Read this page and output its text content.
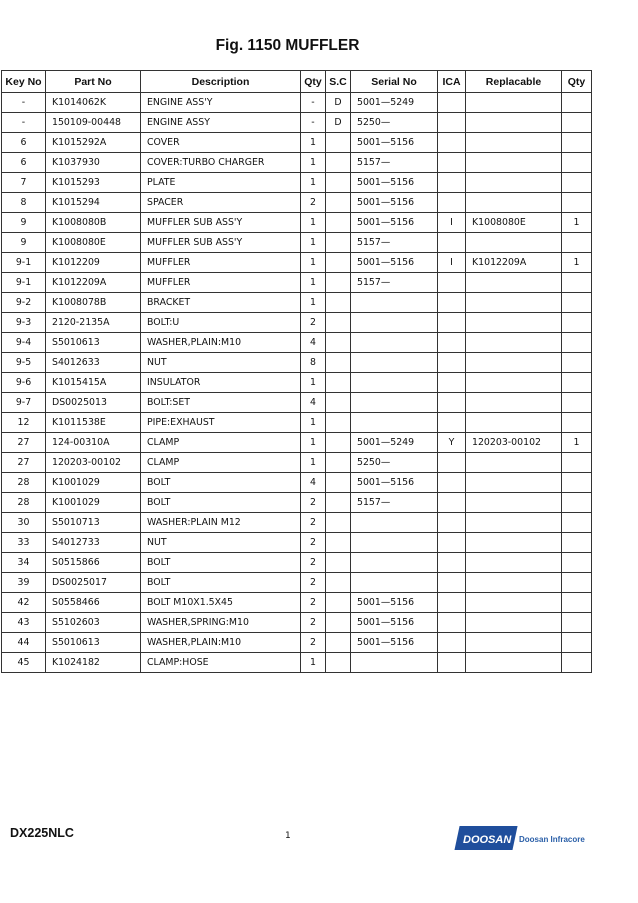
Fig. 1150 MUFFLER
Key No	Part No	Description	Qty	S.C	Serial No	ICA	Replacable	Qty
-	K1014062K	ENGINE ASS'Y	-	D	5001—5249			
-	150109-00448	ENGINE ASSY	-	D	5250—			
6	K1015292A	COVER	1		5001—5156			
6	K1037930	COVER:TURBO CHARGER	1		5157—			
7	K1015293	PLATE	1		5001—5156			
8	K1015294	SPACER	2		5001—5156			
9	K1008080B	MUFFLER SUB ASS'Y	1		5001—5156	I	K1008080E	1
9	K1008080E	MUFFLER SUB ASS'Y	1		5157—			
9-1	K1012209	MUFFLER	1		5001—5156	I	K1012209A	1
9-1	K1012209A	MUFFLER	1		5157—			
9-2	K1008078B	BRACKET	1					
9-3	2120-2135A	BOLT:U	2					
9-4	S5010613	WASHER,PLAIN:M10	4					
9-5	S4012633	NUT	8					
9-6	K1015415A	INSULATOR	1					
9-7	DS0025013	BOLT:SET	4					
12	K1011538E	PIPE:EXHAUST	1					
27	124-00310A	CLAMP	1		5001—5249	Y	120203-00102	1
27	120203-00102	CLAMP	1		5250—			
28	K1001029	BOLT	4		5001—5156			
28	K1001029	BOLT	2		5157—			
30	S5010713	WASHER:PLAIN M12	2					
33	S4012733	NUT	2					
34	S0515866	BOLT	2					
39	DS0025017	BOLT	2					
42	S0558466	BOLT M10X1.5X45	2		5001—5156			
43	S5102603	WASHER,SPRING:M10	2		5001—5156			
44	S5010613	WASHER,PLAIN:M10	2		5001—5156			
45	K1024182	CLAMP:HOSE	1					
DX225NLC	1	DOOSAN Doosan Infracore
